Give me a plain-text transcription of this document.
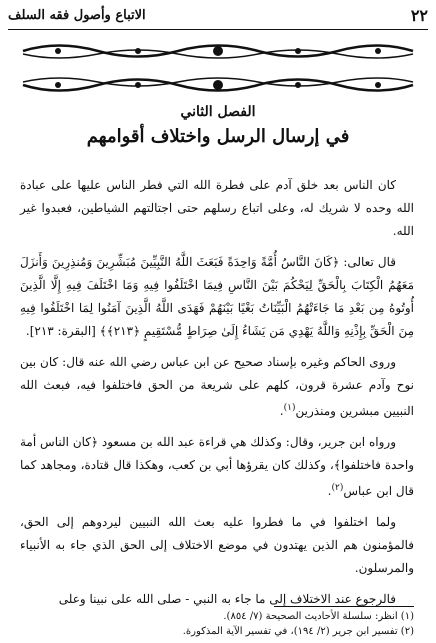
٢٢
الاتباع وأصول فقه السلف
الفصل الثاني
في إرسال الرسل واختلاف أقوامهم

كان الناس بعد خلق آدم على فطرة الله التي فطر الناس عليها على عبادة الله وحده لا شريك له، وعلى اتباع رسلهم حتى اجتالتهم الشياطين، فعبدوا غير الله.

قال تعالى: ﴿كَانَ النَّاسُ أُمَّةً وَاحِدَةً فَبَعَثَ اللَّهُ النَّبِيِّينَ مُبَشِّرِينَ وَمُنذِرِينَ وَأَنزَلَ مَعَهُمُ الْكِتَابَ بِالْحَقِّ لِيَحْكُمَ بَيْنَ النَّاسِ فِيمَا اخْتَلَفُوا فِيهِ وَمَا اخْتَلَفَ فِيهِ إِلَّا الَّذِينَ أُوتُوهُ مِن بَعْدِ مَا جَاءَتْهُمُ الْبَيِّنَاتُ بَغْيًا بَيْنَهُمْ فَهَدَى اللَّهُ الَّذِينَ آمَنُوا لِمَا اخْتَلَفُوا فِيهِ مِنَ الْحَقِّ بِإِذْنِهِ وَاللَّهُ يَهْدِي مَن يَشَاءُ إِلَىٰ صِرَاطٍ مُّسْتَقِيمٍ ﴿٢١٣﴾﴾ [البقرة: ٢١٣].

وروى الحاكم وغيره بإسناد صحيح عن ابن عباس رضي الله عنه قال: كان بين نوح وآدم عشرة قرون، كلهم على شريعة من الحق فاختلفوا فيه، فبعث الله النبيين مبشرين ومنذرين$^{(١)}$.

ورواه ابن جرير، وقال: وكذلك هي قراءة عبد الله بن مسعود ﴿كان الناس أمة واحدة فاختلفوا﴾، وكذلك كان يقرؤها أبي بن كعب، وهكذا قال قتادة، ومجاهد كما قال ابن عباس$^{(٢)}$.

ولما اختلفوا في ما فطروا عليه بعث الله النبيين ليردوهم إلى الحق، فالمؤمنون هم الذين يهتدون في موضع الاختلاف إلى الحق الذي جاء به الأنبياء والمرسلون.

فالرجوع عند الاختلاف إلى ما جاء به النبي - صلى الله على نبينا وعلى

(١) انظر: سلسلة الأحاديث الصحيحة (٧/ ٨٥٤).
(٢) تفسير ابن جرير (٢/ ١٩٤)، في تفسير الآية المذكورة.
